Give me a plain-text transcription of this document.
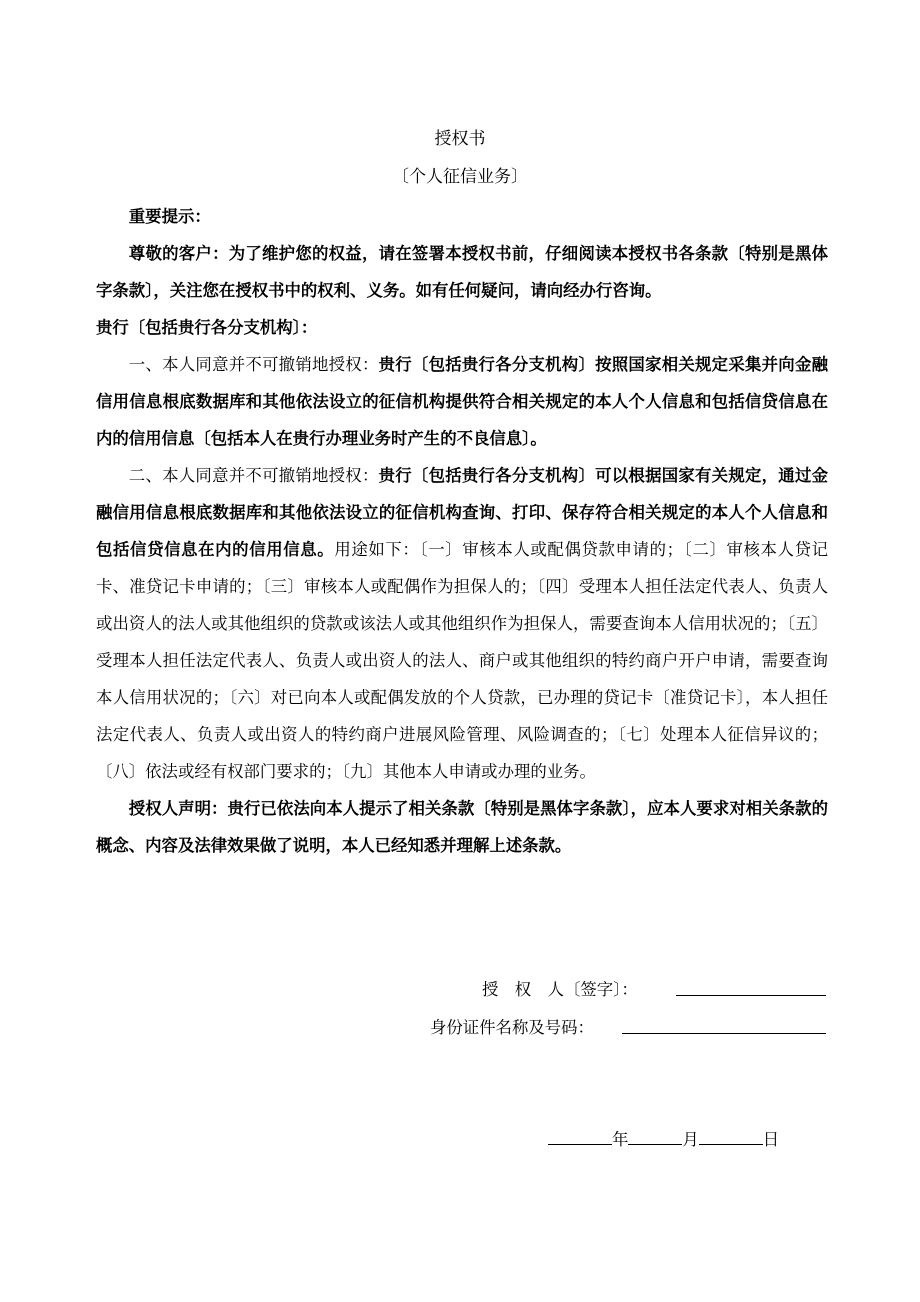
授权书
〔个人征信业务〕

重要提示：

尊敬的客户：为了维护您的权益，请在签署本授权书前，仔细阅读本授权书各条款〔特别是黑体字条款〕，关注您在授权书中的权利、义务。如有任何疑问，请向经办行咨询。

贵行〔包括贵行各分支机构〕：

一、本人同意并不可撤销地授权：贵行〔包括贵行各分支机构〕按照国家相关规定采集并向金融信用信息根底数据库和其他依法设立的征信机构提供符合相关规定的本人个人信息和包括信贷信息在内的信用信息〔包括本人在贵行办理业务时产生的不良信息〕。

二、本人同意并不可撤销地授权：贵行〔包括贵行各分支机构〕可以根据国家有关规定，通过金融信用信息根底数据库和其他依法设立的征信机构查询、打印、保存符合相关规定的本人个人信息和包括信贷信息在内的信用信息。用途如下：〔一〕审核本人或配偶贷款申请的；〔二〕审核本人贷记卡、准贷记卡申请的；〔三〕审核本人或配偶作为担保人的；〔四〕受理本人担任法定代表人、负责人或出资人的法人或其他组织的贷款或该法人或其他组织作为担保人，需要查询本人信用状况的；〔五〕受理本人担任法定代表人、负责人或出资人的法人、商户或其他组织的特约商户开户申请，需要查询本人信用状况的；〔六〕对已向本人或配偶发放的个人贷款，已办理的贷记卡〔准贷记卡〕，本人担任法定代表人、负责人或出资人的特约商户进展风险管理、风险调查的；〔七〕处理本人征信异议的；〔八〕依法或经有权部门要求的；〔九〕其他本人申请或办理的业务。

授权人声明：贵行已依法向本人提示了相关条款〔特别是黑体字条款〕，应本人要求对相关条款的概念、内容及法律效果做了说明，本人已经知悉并理解上述条款。

授　权　人〔签字〕：
身份证件名称及号码：
年	月	日
